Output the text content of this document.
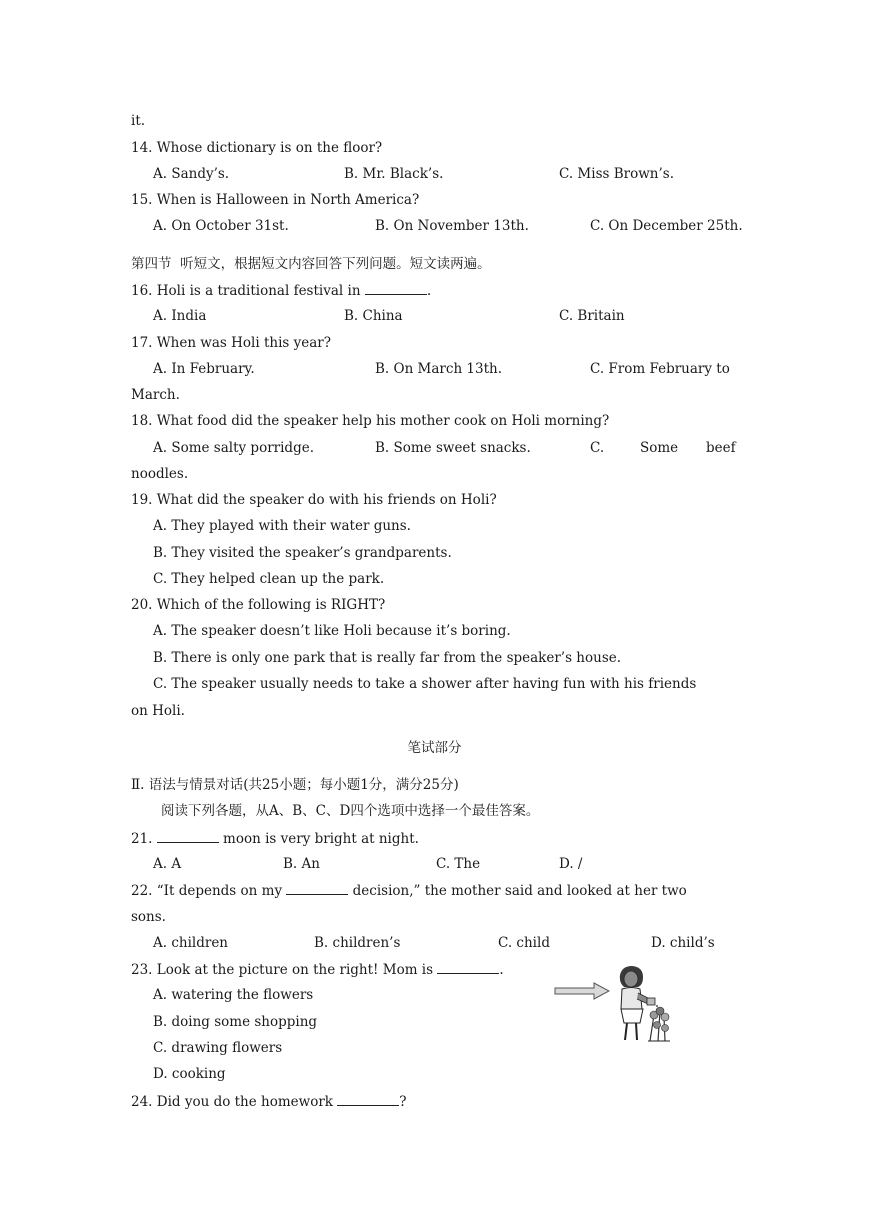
it.
14. Whose dictionary is on the floor?
A. Sandy’s.	B. Mr. Black’s.	C. Miss Brown’s.
15. When is Halloween in North America?
A. On October 31st.	B. On November 13th.	C. On December 25th.
第四节  听短文，根据短文内容回答下列问题。短文读两遍。
16. Holi is a traditional festival in	.
A. India	B. China	C. Britain
17. When was Holi this year?
A. In February.	B. On March 13th.	C. From February to
March.
18. What food did the speaker help his mother cook on Holi morning?
A. Some salty porridge.	B. Some sweet snacks.	C.	Some beef
noodles.
19. What did the speaker do with his friends on Holi?
A. They played with their water guns.
B. They visited the speaker’s grandparents.
C. They helped clean up the park.
20. Which of the following is RIGHT?
A. The speaker doesn’t like Holi because it’s boring.
B. There is only one park that is really far from the speaker’s house.
C. The speaker usually needs to take a shower after having fun with his friends
on Holi.
笔试部分
Ⅱ. 语法与情景对话(共25小题；每小题1分，满分25分)
阅读下列各题，从A、B、C、D四个选项中选择一个最佳答案。
21.	moon is very bright at night.
A. A	B. An	C. The	D. /
22. “It depends on my	decision,” the mother said and looked at her two
sons.
A. children	B. children’s	C. child	D. child’s
23. Look at the picture on the right! Mom is	.
A. watering the flowers
B. doing some shopping
C. drawing flowers
D. cooking
24. Did you do the homework	?
